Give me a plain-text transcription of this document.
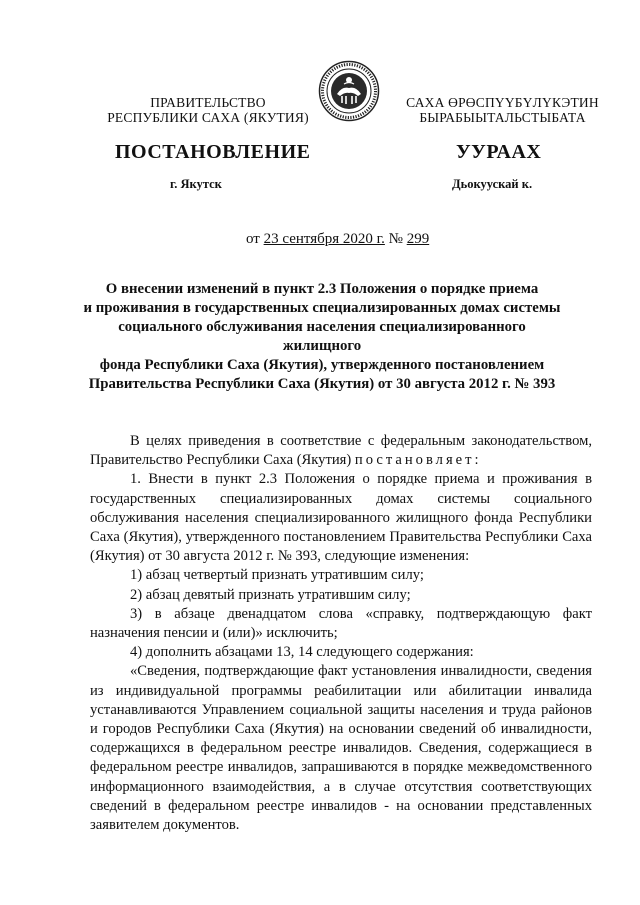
ПРАВИТЕЛЬСТВО
РЕСПУБЛИКИ САХА (ЯКУТИЯ)
САХА ӨРӨСПҮҮБҮЛҮКЭТИН
БЫРАБЫЫТАЛЬСТЫБАТА
ПОСТАНОВЛЕНИЕ	УУРААХ
г. Якутск	Дьокуускай к.
от 23 сентября 2020 г. № 299
О внесении изменений в пункт 2.3 Положения о порядке приема
и проживания в государственных специализированных домах системы
социального обслуживания населения специализированного жилищного
фонда Республики Саха (Якутия), утвержденного постановлением
Правительства Республики Саха (Якутия) от 30 августа 2012 г. № 393

В целях приведения в соответствие с федеральным законодательством, Правительство Республики Саха (Якутия) постановляет:

1. Внести в пункт 2.3 Положения о порядке приема и проживания в государственных специализированных домах системы социального обслуживания населения специализированного жилищного фонда Республики Саха (Якутия), утвержденного постановлением Правительства Республики Саха (Якутия) от 30 августа 2012 г. № 393, следующие изменения:

1) абзац четвертый признать утратившим силу;

2) абзац девятый признать утратившим силу;

3) в абзаце двенадцатом слова «справку, подтверждающую факт назначения пенсии и (или)» исключить;

4) дополнить абзацами 13, 14 следующего содержания:

«Сведения, подтверждающие факт установления инвалидности, сведения из индивидуальной программы реабилитации или абилитации инвалида устанавливаются Управлением социальной защиты населения и труда районов и городов Республики Саха (Якутия) на основании сведений об инвалидности, содержащихся в федеральном реестре инвалидов. Сведения, содержащиеся в федеральном реестре инвалидов, запрашиваются в порядке межведомственного информационного взаимодействия, а в случае отсутствия соответствующих сведений в федеральном реестре инвалидов - на основании представленных заявителем документов.
